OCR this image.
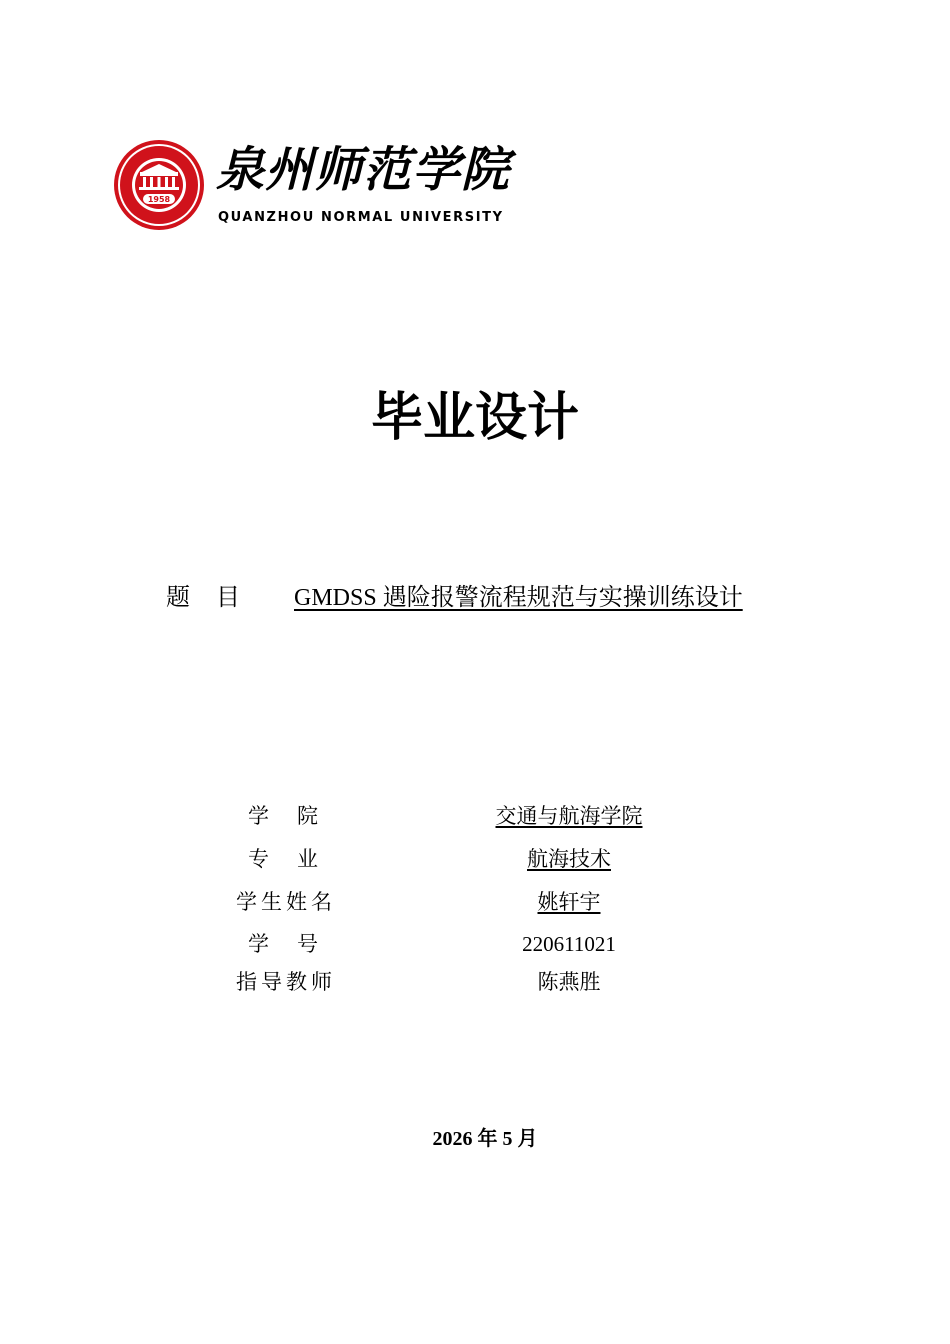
1958
泉州师范学院
QUANZHOU NORMAL UNIVERSITY
毕业设计
题目 GMDSS 遇险报警流程规范与实操训练设计
学院	交通与航海学院
专业	航海技术
学生姓名	姚轩宇
学号	220611021
指导教师	陈燕胜
2026 年 5 月
